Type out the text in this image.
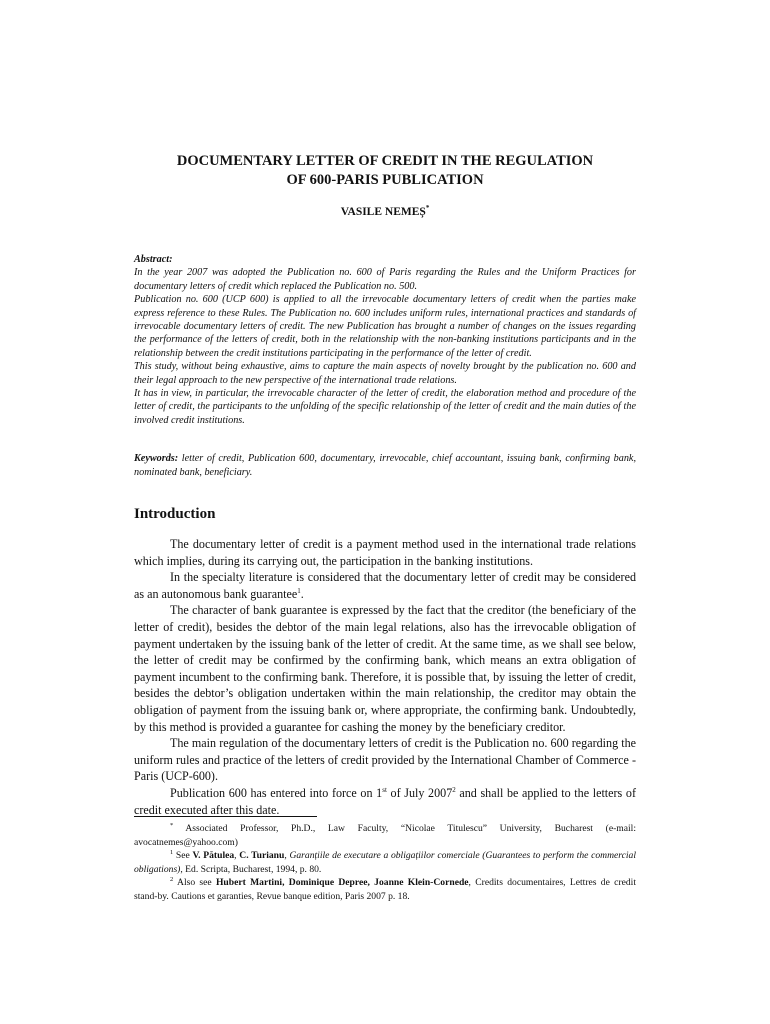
DOCUMENTARY LETTER OF CREDIT IN THE REGULATION
OF 600-PARIS PUBLICATION

VASILE NEMEȘ*

Abstract:

In the year 2007 was adopted the Publication no. 600 of Paris regarding the Rules and the Uniform Practices for documentary letters of credit which replaced the Publication no. 500.

Publication no. 600 (UCP 600) is applied to all the irrevocable documentary letters of credit when the parties make express reference to these Rules. The Publication no. 600 includes uniform rules, international practices and standards of irrevocable documentary letters of credit. The new Publication has brought a number of changes on the issues regarding the performance of the letters of credit, both in the relationship with the non-banking institutions participants and in the relationship between the credit institutions participating in the performance of the letter of credit.

This study, without being exhaustive, aims to capture the main aspects of novelty brought by the publication no. 600 and their legal approach to the new perspective of the international trade relations.

It has in view, in particular, the irrevocable character of the letter of credit, the elaboration method and procedure of the letter of credit, the participants to the unfolding of the specific relationship of the letter of credit and the main duties of the involved credit institutions.

Keywords: letter of credit, Publication 600, documentary, irrevocable, chief accountant, issuing bank, confirming bank, nominated bank, beneficiary.

Introduction

The documentary letter of credit is a payment method used in the international trade relations which implies, during its carrying out, the participation in the banking institutions.

In the specialty literature is considered that the documentary letter of credit may be considered as an autonomous bank guarantee$^1$.

The character of bank guarantee is expressed by the fact that the creditor (the beneficiary of the letter of credit), besides the debtor of the main legal relations, also has the irrevocable obligation of payment undertaken by the issuing bank of the letter of credit. At the same time, as we shall see below, the letter of credit may be confirmed by the confirming bank, which means an extra obligation of payment incumbent to the confirming bank. Therefore, it is possible that, by issuing the letter of credit, besides the debtor’s obligation undertaken within the main relationship, the creditor may obtain the obligation of payment from the issuing bank or, where appropriate, the confirming bank. Undoubtedly, by this method is provided a guarantee for cashing the money by the beneficiary creditor.

The main regulation of the documentary letters of credit is the Publication no. 600 regarding the uniform rules and practice of the letters of credit provided by the International Chamber of Commerce - Paris (UCP-600).

Publication 600 has entered into force on 1st of July 2007$^2$ and shall be applied to the letters of credit executed after this date.

* Associated Professor, Ph.D., Law Faculty, “Nicolae Titulescu” University, Bucharest (e-mail: avocatnemes@yahoo.com)

$^1$ See V. Pătulea, C. Turianu, Garanțiile de executare a obligațiilor comerciale (Guarantees to perform the commercial obligations), Ed. Scripta, Bucharest, 1994, p. 80.

$^2$ Also see Hubert Martini, Dominique Depree, Joanne Klein-Cornede, Credits documentaires, Lettres de credit stand-by. Cautions et garanties, Revue banque edition, Paris 2007 p. 18.
